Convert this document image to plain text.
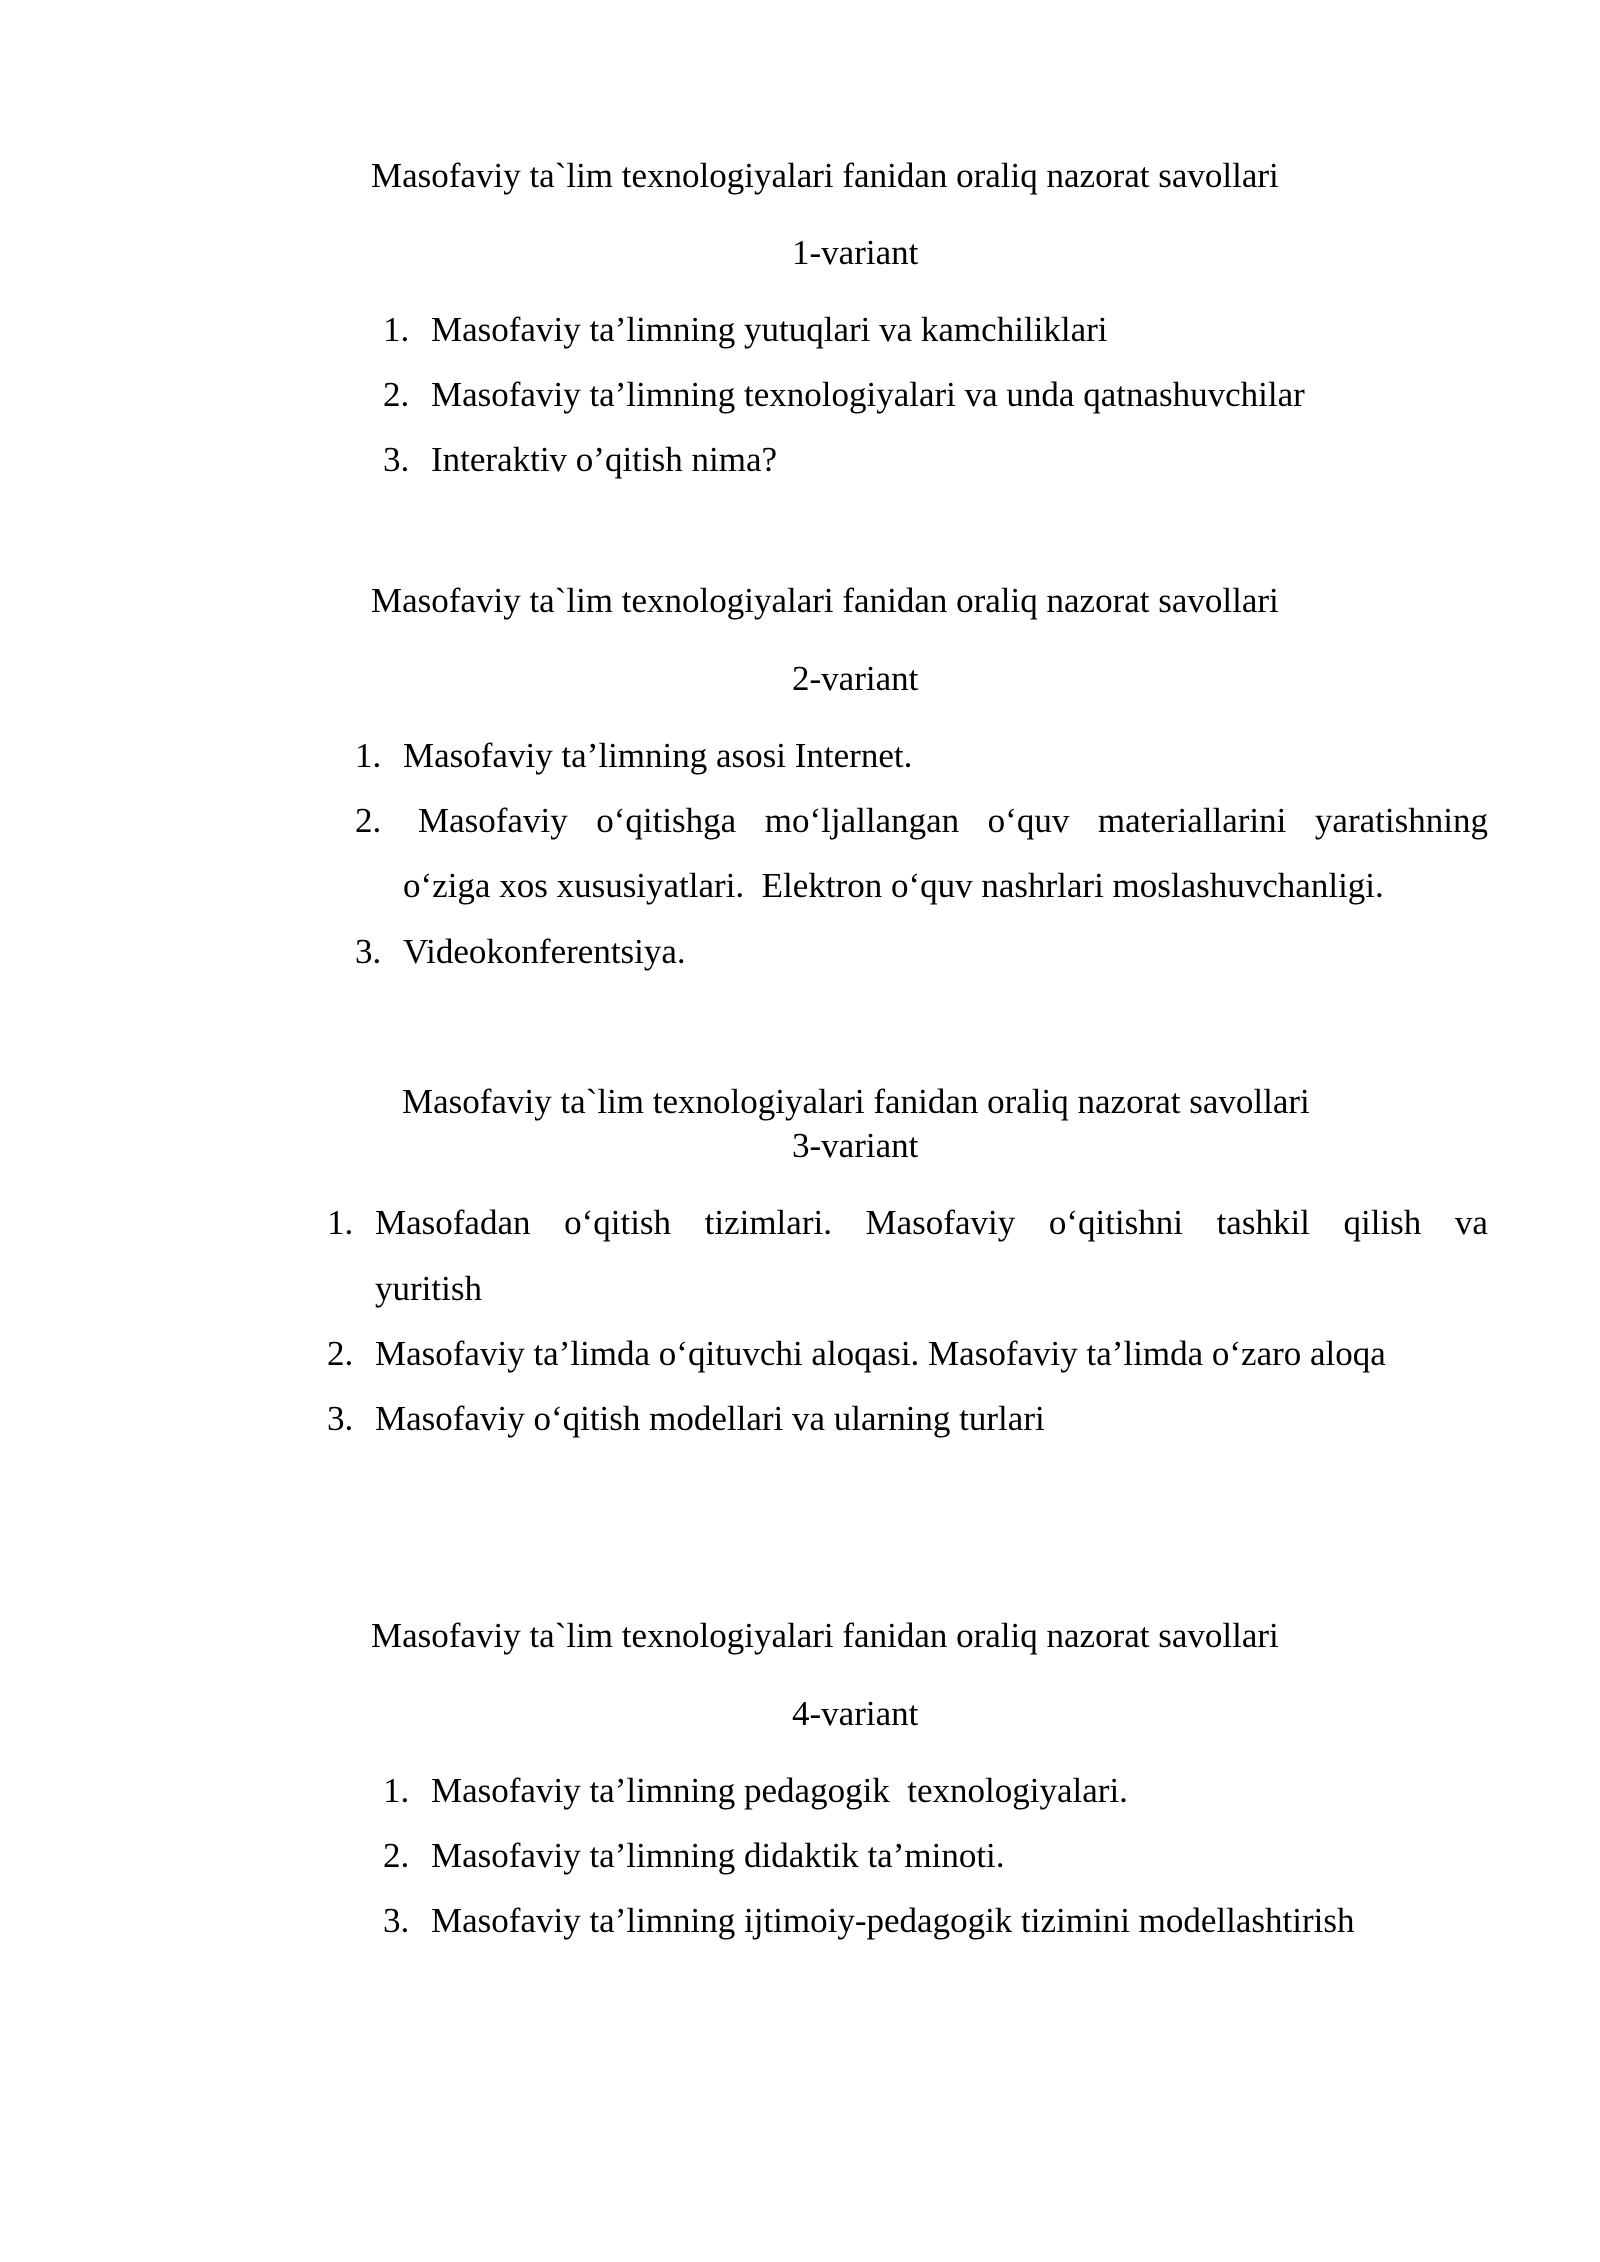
Masofaviy ta`lim texnologiyalari fanidan oraliq nazorat savollari
1-variant
1. Masofaviy ta’limning yutuqlari va kamchiliklari
2. Masofaviy ta’limning texnologiyalari va unda qatnashuvchilar
3. Interaktiv o’qitish nima?
Masofaviy ta`lim texnologiyalari fanidan oraliq nazorat savollari
2-variant
1. Masofaviy ta’limning asosi Internet.
2. Masofaviy o‘qitishga mo‘ljallangan o‘quv materiallarini yaratishning
o‘ziga xos xususiyatlari.  Elektron o‘quv nashrlari moslashuvchanligi.
3. Videokonferentsiya.
Masofaviy ta`lim texnologiyalari fanidan oraliq nazorat savollari
3-variant
1. Masofadan o‘qitish tizimlari. Masofaviy o‘qitishni tashkil qilish va
yuritish
2. Masofaviy ta’limda o‘qituvchi aloqasi. Masofaviy ta’limda o‘zaro aloqa
3. Masofaviy o‘qitish modellari va ularning turlari
Masofaviy ta`lim texnologiyalari fanidan oraliq nazorat savollari
4-variant
1. Masofaviy ta’limning pedagogik  texnologiyalari.
2. Masofaviy ta’limning didaktik ta’minoti.
3. Masofaviy ta’limning ijtimoiy-pedagogik tizimini modellashtirish
